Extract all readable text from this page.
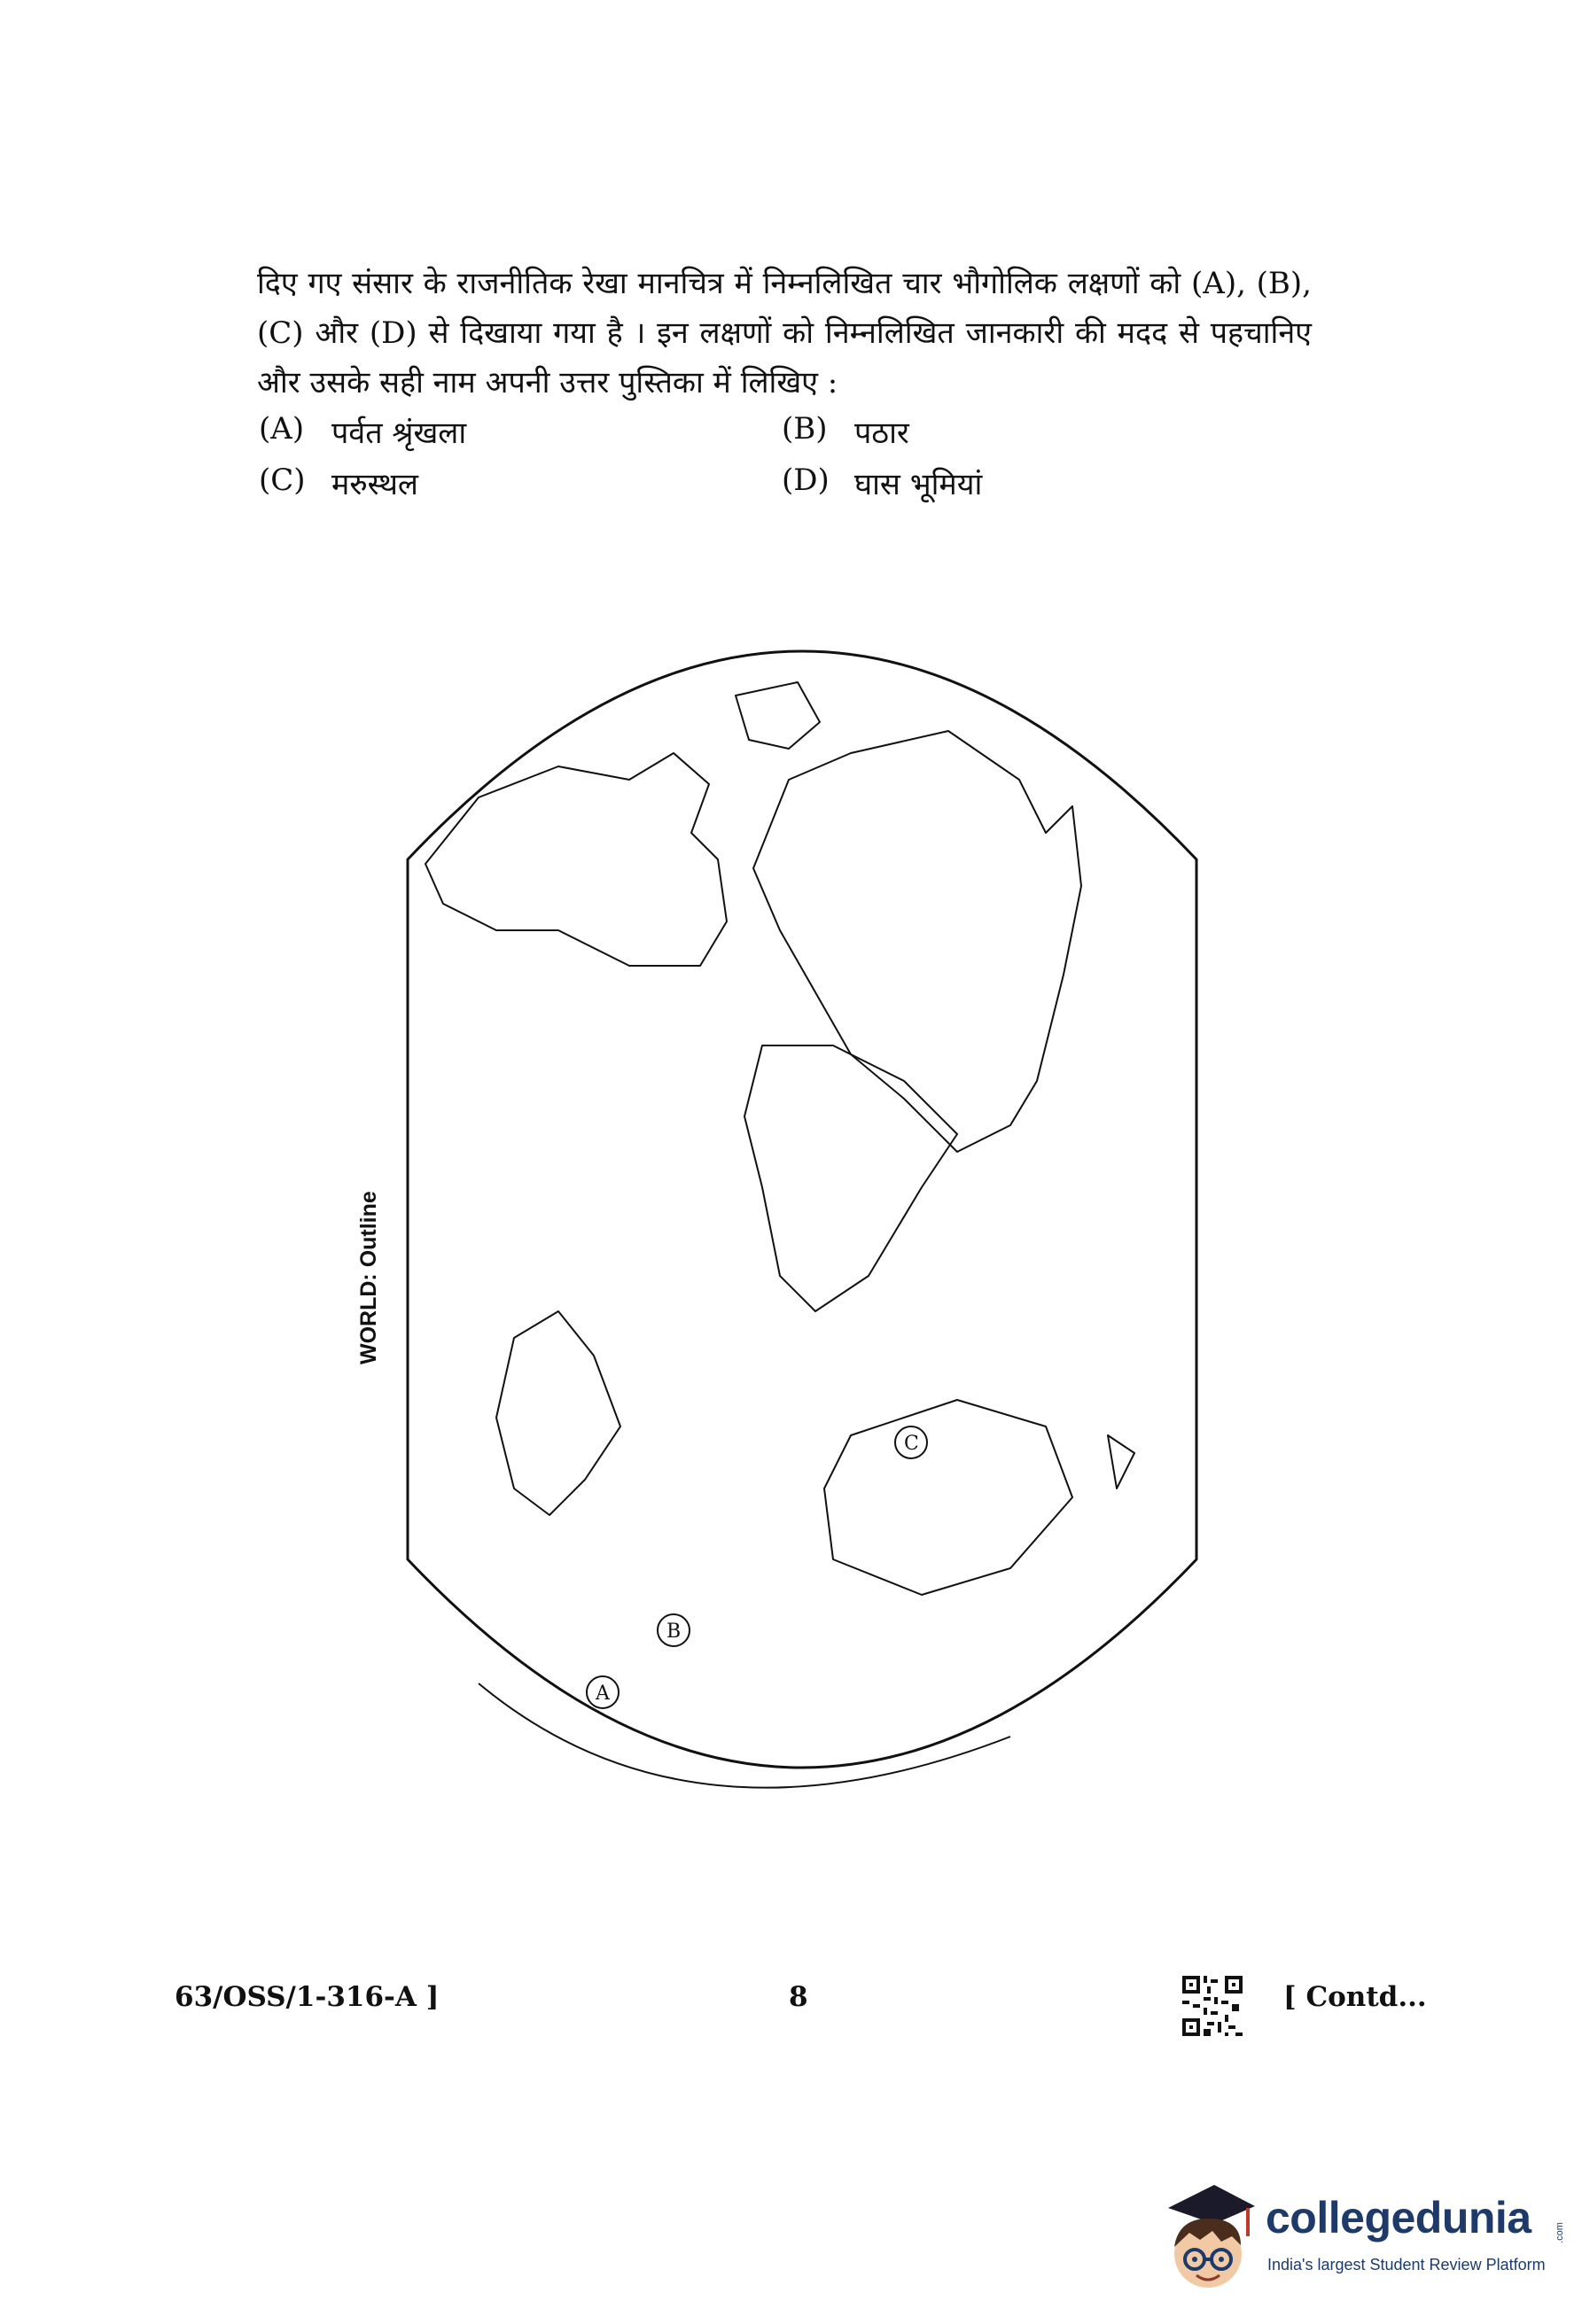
दिए गए संसार के राजनीतिक रेखा मानचित्र में निम्नलिखित चार भौगोलिक लक्षणों को (A), (B), (C) और (D) से दिखाया गया है । इन लक्षणों को निम्नलिखित जानकारी की मदद से पहचानिए और उसके सही नाम अपनी उत्तर पुस्तिका में लिखिए :
(A) पर्वत श्रृंखला	(B) पठार
(C) मरुस्थल	(D) घास भूमियां
C
B
A
WORLD: Outline
63/OSS/1-316-A ]	8	[ Contd...
collegedunia .com
India's largest Student Review Platform
